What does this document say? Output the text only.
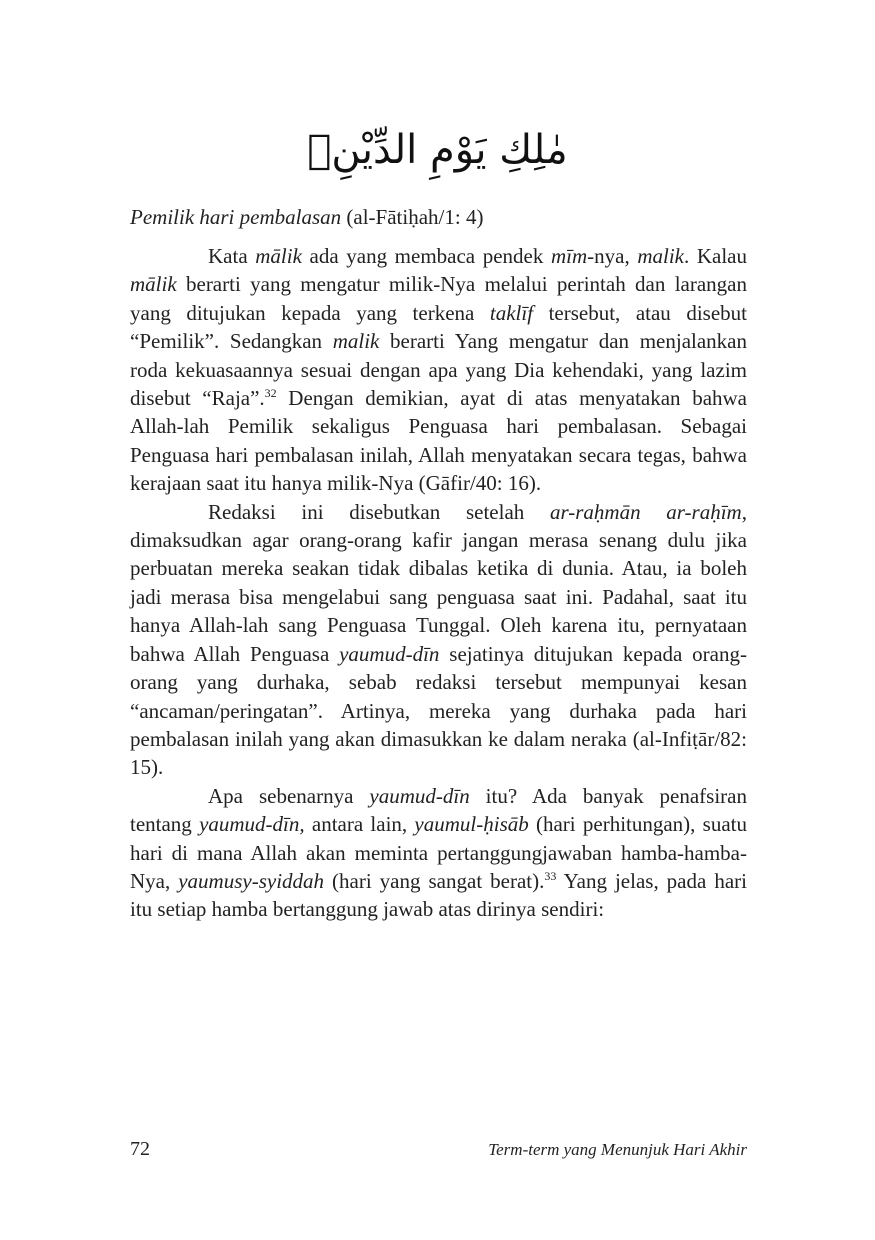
مٰلِكِ يَوْمِ الدِّيْنِۗ
Pemilik hari pembalasan (al-Fātiḥah/1: 4)

Kata mālik ada yang membaca pendek mīm-nya, malik. Kalau mālik berarti yang mengatur milik-Nya melalui perintah dan larangan yang ditujukan kepada yang terkena taklīf tersebut, atau disebut “Pemilik”. Sedangkan malik berarti Yang mengatur dan menjalankan roda kekuasaannya sesuai dengan apa yang Dia kehendaki, yang lazim disebut “Raja”.$^{32}$ Dengan demikian, ayat di atas menyatakan bahwa Allah-lah Pemilik sekaligus Penguasa hari pembalasan. Sebagai Penguasa hari pembalasan inilah, Allah menyatakan secara tegas, bahwa kerajaan saat itu hanya milik-Nya (Gāfir/40: 16).

Redaksi ini disebutkan setelah ar-raḥmān ar-raḥīm, dimaksudkan agar orang-orang kafir jangan merasa senang dulu jika perbuatan mereka seakan tidak dibalas ketika di dunia. Atau, ia boleh jadi merasa bisa mengelabui sang penguasa saat ini. Padahal, saat itu hanya Allah-lah sang Penguasa Tunggal. Oleh karena itu, pernyataan bahwa Allah Penguasa yaumud-dīn sejatinya ditujukan kepada orang-orang yang durhaka, sebab redaksi tersebut mempunyai kesan “ancaman/peringatan”. Artinya, mereka yang durhaka pada hari pembalasan inilah yang akan dimasukkan ke dalam neraka (al-Infiṭār/82: 15).

Apa sebenarnya yaumud-dīn itu? Ada banyak penafsiran tentang yaumud-dīn, antara lain, yaumul-ḥisāb (hari perhitungan), suatu hari di mana Allah akan meminta pertanggungjawaban hamba-hamba-Nya, yaumusy-syiddah (hari yang sangat berat).$^{33}$ Yang jelas, pada hari itu setiap hamba bertanggung jawab atas dirinya sendiri:

72	Term-term yang Menunjuk Hari Akhir
